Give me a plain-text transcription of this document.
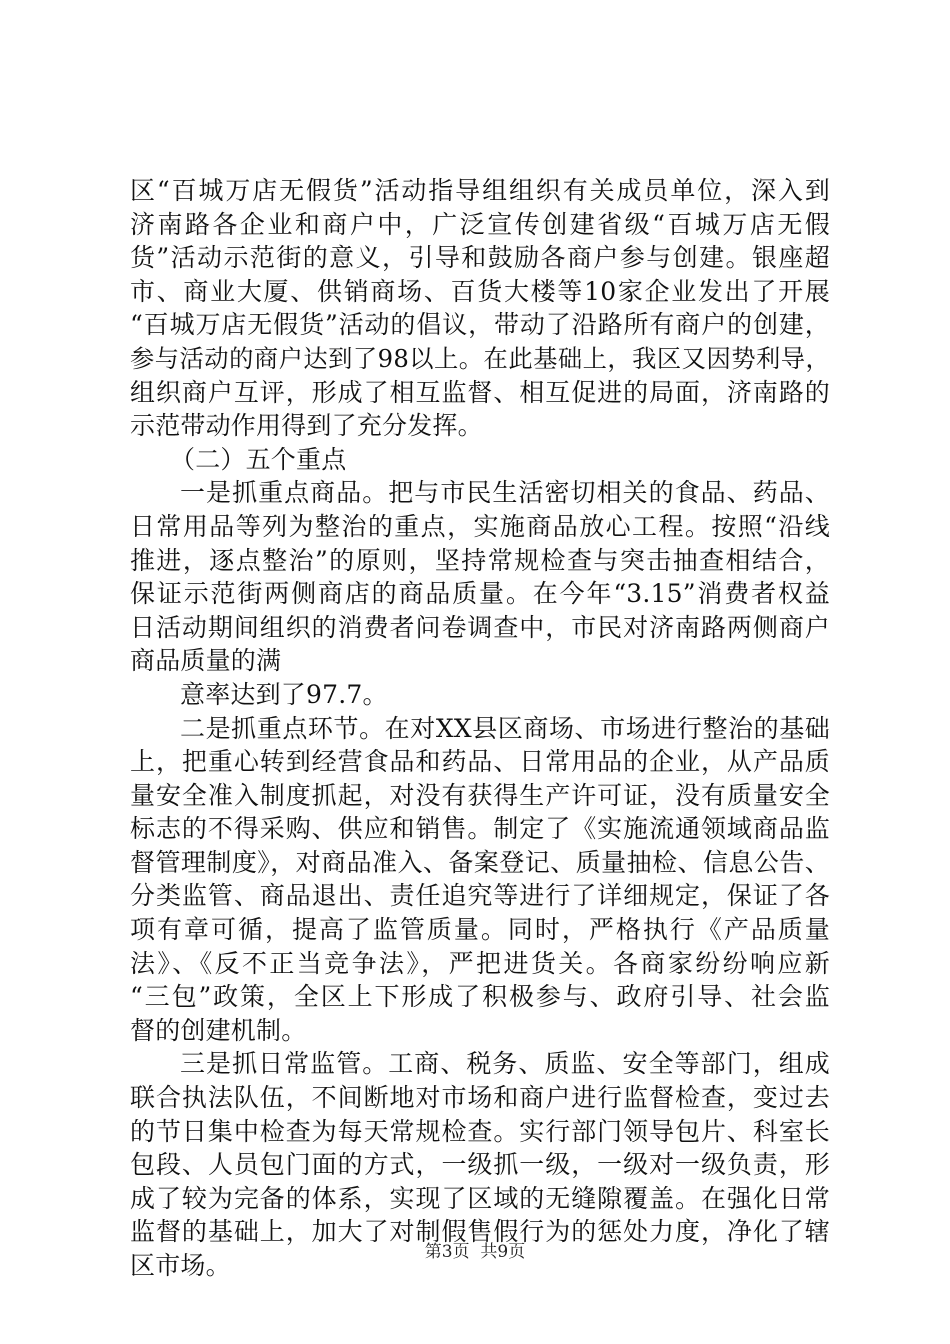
区“百城万店无假货”活动指导组组织有关成员单位，深入到
济南路各企业和商户中，广泛宣传创建省级“百城万店无假
货”活动示范街的意义，引导和鼓励各商户参与创建。银座超
市、商业大厦、供销商场、百货大楼等10家企业发出了开展
“百城万店无假货”活动的倡议，带动了沿路所有商户的创建，
参与活动的商户达到了98以上。在此基础上，我区又因势利导，
组织商户互评，形成了相互监督、相互促进的局面，济南路的
示范带动作用得到了充分发挥。
（二）五个重点
一是抓重点商品。把与市民生活密切相关的食品、药品、
日常用品等列为整治的重点，实施商品放心工程。按照“沿线
推进，逐点整治”的原则，坚持常规检查与突击抽查相结合，
保证示范街两侧商店的商品质量。在今年“3.15”消费者权益
日活动期间组织的消费者问卷调查中，市民对济南路两侧商户
商品质量的满
意率达到了97.7。
二是抓重点环节。在对XX县区商场、市场进行整治的基础
上，把重心转到经营食品和药品、日常用品的企业，从产品质
量安全准入制度抓起，对没有获得生产许可证，没有质量安全
标志的不得采购、供应和销售。制定了《实施流通领域商品监
督管理制度》，对商品准入、备案登记、质量抽检、信息公告、
分类监管、商品退出、责任追究等进行了详细规定，保证了各
项有章可循，提高了监管质量。同时，严格执行《产品质量
法》、《反不正当竞争法》，严把进货关。各商家纷纷响应新
“三包”政策，全区上下形成了积极参与、政府引导、社会监
督的创建机制。
三是抓日常监管。工商、税务、质监、安全等部门，组成
联合执法队伍，不间断地对市场和商户进行监督检查，变过去
的节日集中检查为每天常规检查。实行部门领导包片、科室长
包段、人员包门面的方式，一级抓一级，一级对一级负责，形
成了较为完备的体系，实现了区域的无缝隙覆盖。在强化日常
监督的基础上，加大了对制假售假行为的惩处力度，净化了辖
区市场。	第3页  共9页
